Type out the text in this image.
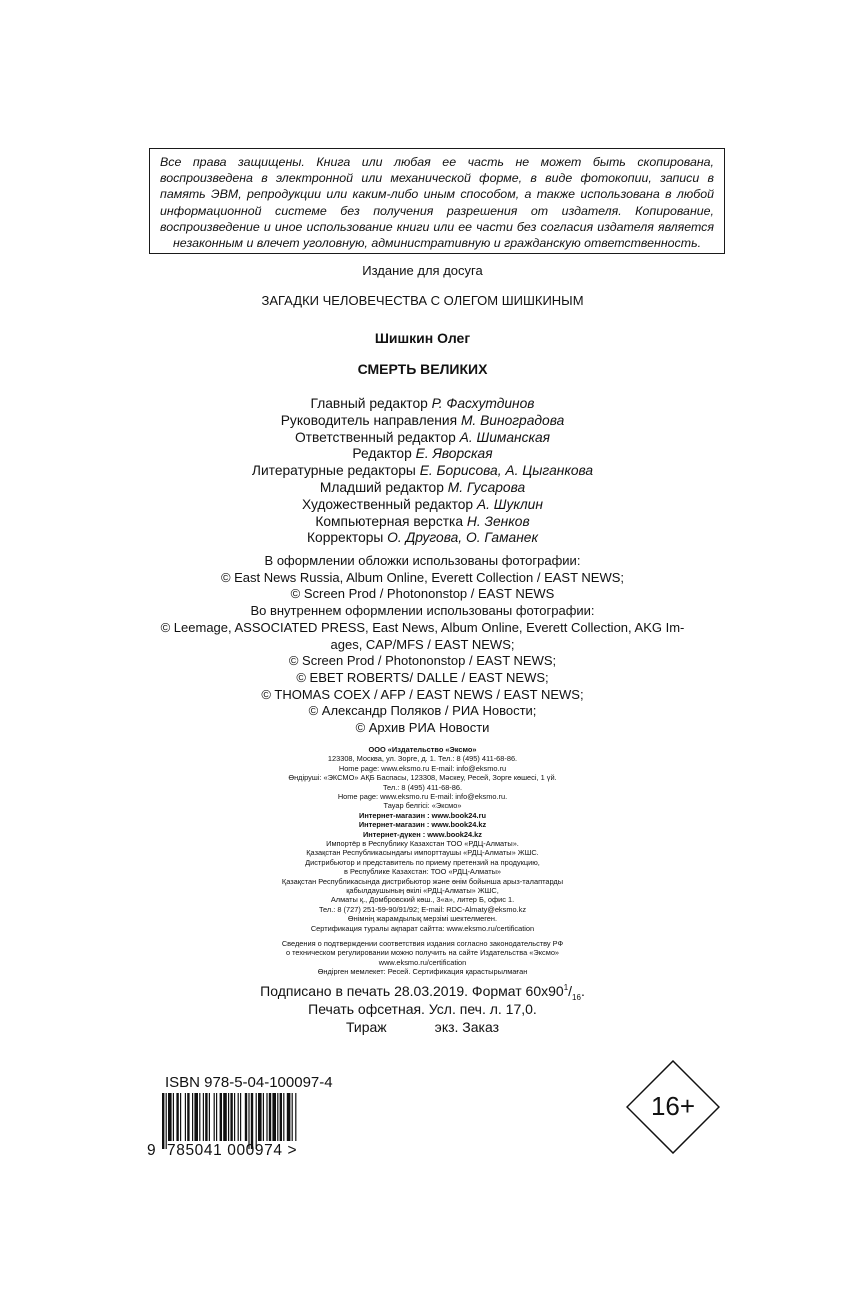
Все права защищены. Книга или любая ее часть не может быть скопирована, воспроизведена в электронной или механической форме, в виде фотокопии, записи в память ЭВМ, репродукции или каким-либо иным способом, а также использована в любой информационной системе без получения разрешения от издателя. Копирование, воспроизведение и иное использование книги или ее части без согласия издателя является незаконным и влечет уголовную, административную и гражданскую ответственность.
Издание для досуга
ЗАГАДКИ ЧЕЛОВЕЧЕСТВА С ОЛЕГОМ ШИШКИНЫМ
Шишкин Олег
СМЕРТЬ ВЕЛИКИХ
Главный редактор Р. Фасхутдинов
Руководитель направления М. Виноградова
Ответственный редактор А. Шиманская
Редактор Е. Яворская
Литературные редакторы Е. Борисова, А. Цыганкова
Младший редактор М. Гусарова
Художественный редактор А. Шуклин
Компьютерная верстка Н. Зенков
Корректоры О. Другова, О. Гаманек
В оформлении обложки использованы фотографии:
© East News Russia, Album Online, Everett Collection / EAST NEWS;
© Screen Prod / Photononstop / EAST NEWS
Во внутреннем оформлении использованы фотографии:
© Leemage, ASSOCIATED PRESS, East News, Album Online, Everett Collection, AKG Im-
ages, CAP/MFS / EAST NEWS;
© Screen Prod / Photononstop / EAST NEWS;
© EBET ROBERTS/ DALLE / EAST NEWS;
© THOMAS COEX / AFP / EAST NEWS / EAST NEWS;
© Александр Поляков / РИА Новости;
© Архив РИА Новости
ООО «Издательство «Эксмо»
123308, Москва, ул. Зорге, д. 1. Тел.: 8 (495) 411-68-86.
Home page: www.eksmo.ru E-mail: info@eksmo.ru
Өндіруші: «ЭКСМО» АҚБ Баспасы, 123308, Мәскеу, Ресей, Зорге көшесі, 1 үй.
Тел.: 8 (495) 411-68-86.
Home page: www.eksmo.ru E-mail: info@eksmo.ru.
Тауар белгісі: «Эксмо»
Интернет-магазин : www.book24.ru
Интернет-магазин : www.book24.kz
Интернет-дүкен : www.book24.kz
Импортёр в Республику Казахстан ТОО «РДЦ-Алматы».
Қазақстан Республикасындағы импорттаушы «РДЦ-Алматы» ЖШС.
Дистрибьютор и представитель по приему претензий на продукцию,
в Республике Казахстан: ТОО «РДЦ-Алматы»
Қазақстан Республикасында дистрибьютор және өнім бойынша арыз-талаптарды
қабылдаушының өкілі «РДЦ-Алматы» ЖШС,
Алматы қ., Домбровский көш., 3«а», литер Б, офис 1.
Тел.: 8 (727) 251-59-90/91/92; E-mail: RDC-Almaty@eksmo.kz
Өнімнің жарамдылық мерзімі шектелмеген.
Сертификация туралы ақпарат сайтта: www.eksmo.ru/certification
Сведения о подтверждении соответствия издания согласно законодательству РФ
о техническом регулировании можно получить на сайте Издательства «Эксмо»
www.eksmo.ru/certification
Өндірген мемлекет: Ресей. Сертификация қарастырылмаған
Подписано в печать 28.03.2019. Формат $60x90^1/_{16}$.
Печать офсетная. Усл. печ. л. 17,0.
Тираж	экз. Заказ
ISBN 978-5-04-100097-4
9 785041 000974 >
16+
